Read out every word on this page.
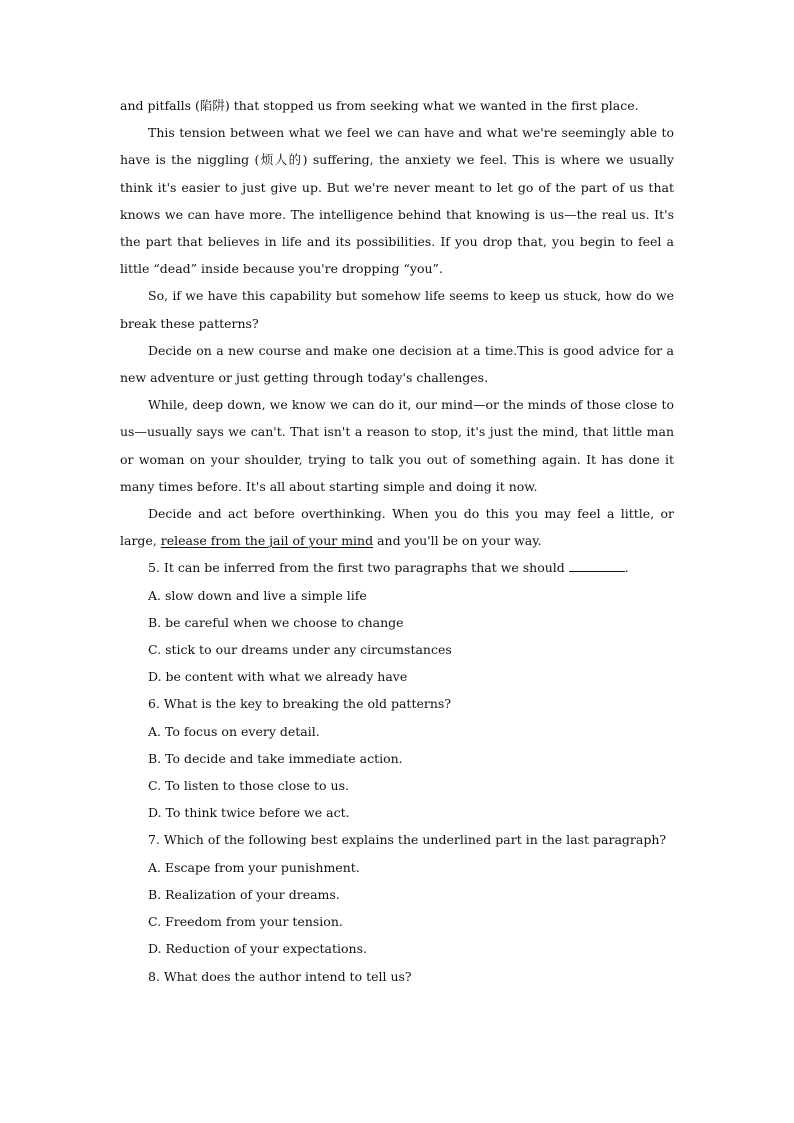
and pitfalls (陷阱) that stopped us from seeking what we wanted in the first place.

This tension between what we feel we can have and what we're seemingly able to have is the niggling (烦人的) suffering, the anxiety we feel. This is where we usually think it's easier to just give up. But we're never meant to let go of the part of us that knows we can have more. The intelligence behind that knowing is us—the real us. It's the part that believes in life and its possibilities. If you drop that, you begin to feel a little “dead” inside because you're dropping “you”.

So, if we have this capability but somehow life seems to keep us stuck, how do we break these patterns?

Decide on a new course and make one decision at a time.This is good advice for a new adventure or just getting through today's challenges.

While, deep down, we know we can do it, our mind—or the minds of those close to us—usually says we can't. That isn't a reason to stop, it's just the mind, that little man or woman on your shoulder, trying to talk you out of something again. It has done it many times before. It's all about starting simple and doing it now.

Decide and act before overthinking. When you do this you may feel a little, or large, release from the jail of your mind and you'll be on your way.

5. It can be inferred from the first two paragraphs that we should	.

A. slow down and live a simple life

B. be careful when we choose to change

C. stick to our dreams under any circumstances

D. be content with what we already have

6. What is the key to breaking the old patterns?

A. To focus on every detail.

B. To decide and take immediate action.

C. To listen to those close to us.

D. To think twice before we act.

7. Which of the following best explains the underlined part in the last paragraph?

A. Escape from your punishment.

B. Realization of your dreams.

C. Freedom from your tension.

D. Reduction of your expectations.

8. What does the author intend to tell us?
